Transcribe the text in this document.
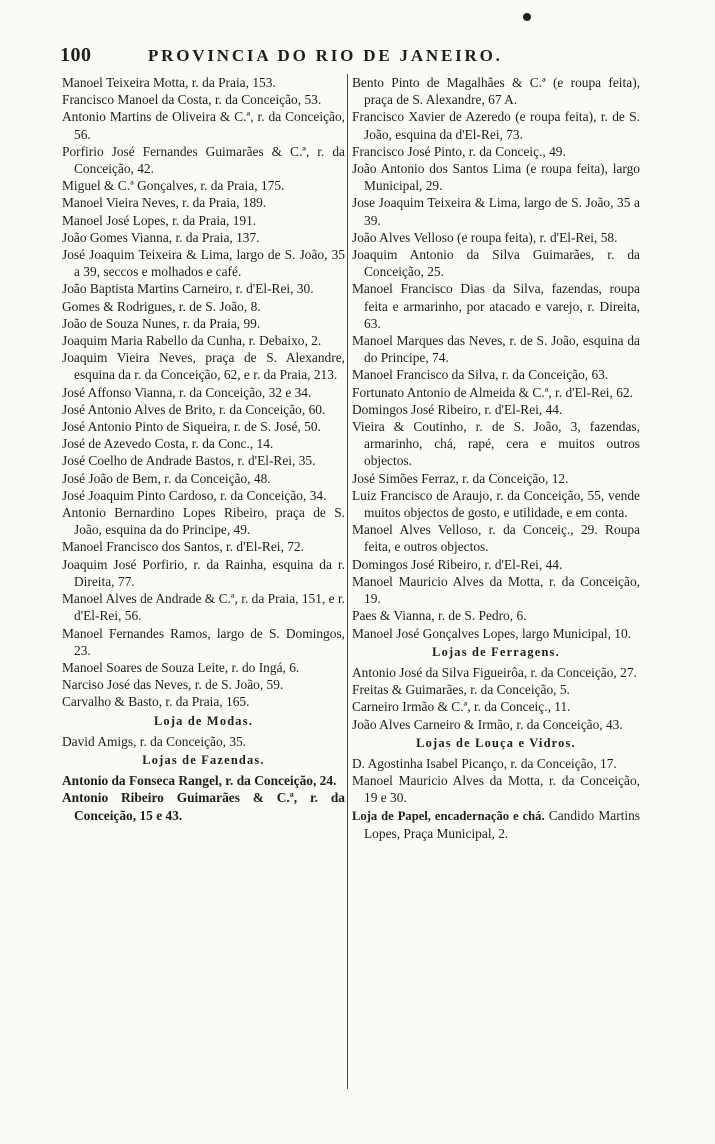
100	PROVINCIA DO RIO DE JANEIRO.
Manoel Teixeira Motta, r. da Praia, 153.
Francisco Manoel da Costa, r. da Conceição, 53.
Antonio Martins de Oliveira & C.ª, r. da Conceição, 56.
Porfirio José Fernandes Guimarães & C.ª, r. da Conceição, 42.
Miguel & C.ª Gonçalves, r. da Praia, 175.
Manoel Vieira Neves, r. da Praia, 189.
Manoel José Lopes, r. da Praia, 191.
João Gomes Vianna, r. da Praia, 137.
José Joaquim Teixeira & Lima, largo de S. João, 35 a 39, seccos e molhados e café.
João Baptista Martins Carneiro, r. d'El-Rei, 30.
Gomes & Rodrigues, r. de S. João, 8.
João de Souza Nunes, r. da Praia, 99.
Joaquim Maria Rabello da Cunha, r. Debaixo, 2.
Joaquim Vieira Neves, praça de S. Alexandre, esquina da r. da Conceição, 62, e r. da Praia, 213.
José Affonso Vianna, r. da Conceição, 32 e 34.
José Antonio Alves de Brito, r. da Conceição, 60.
José Antonio Pinto de Siqueira, r. de S. José, 50.
José de Azevedo Costa, r. da Conc., 14.
José Coelho de Andrade Bastos, r. d'El-Rei, 35.
José João de Bem, r. da Conceição, 48.
José Joaquim Pinto Cardoso, r. da Conceição, 34.
Antonio Bernardino Lopes Ribeiro, praça de S. João, esquina da do Principe, 49.
Manoel Francisco dos Santos, r. d'El-Rei, 72.
Joaquim José Porfirio, r. da Rainha, esquina da r. Direita, 77.
Manoel Alves de Andrade & C.ª, r. da Praia, 151, e r. d'El-Rei, 56.
Manoel Fernandes Ramos, largo de S. Domingos, 23.
Manoel Soares de Souza Leite, r. do Ingá, 6.
Narciso José das Neves, r. de S. João, 59.
Carvalho & Basto, r. da Praia, 165.
Loja de Modas.
David Amigs, r. da Conceição, 35.
Lojas de Fazendas.
Antonio da Fonseca Rangel, r. da Conceição, 24.
Antonio Ribeiro Guimarães & C.ª, r. da Conceição, 15 e 43.
Bento Pinto de Magalhães & C.ª (e roupa feita), praça de S. Alexandre, 67 A.
Francisco Xavier de Azeredo (e roupa feita), r. de S. João, esquina da d'El-Rei, 73.
Francisco José Pinto, r. da Conceiç., 49.
João Antonio dos Santos Lima (e roupa feita), largo Municipal, 29.
Jose Joaquim Teixeira & Lima, largo de S. João, 35 a 39.
João Alves Velloso (e roupa feita), r. d'El-Rei, 58.
Joaquim Antonio da Silva Guimarães, r. da Conceição, 25.
Manoel Francisco Dias da Silva, fazendas, roupa feita e armarinho, por atacado e varejo, r. Direita, 63.
Manoel Marques das Neves, r. de S. João, esquina da do Principe, 74.
Manoel Francisco da Silva, r. da Conceição, 63.
Fortunato Antonio de Almeida & C.ª, r. d'El-Rei, 62.
Domingos José Ribeiro, r. d'El-Rei, 44.
Vieira & Coutinho, r. de S. João, 3, fazendas, armarinho, chá, rapé, cera e muitos outros objectos.
José Simões Ferraz, r. da Conceição, 12.
Luiz Francisco de Araujo, r. da Conceição, 55, vende muitos objectos de gosto, e utilidade, e em conta.
Manoel Alves Velloso, r. da Conceiç., 29. Roupa feita, e outros objectos.
Domingos José Ribeiro, r. d'El-Rei, 44.
Manoel Mauricio Alves da Motta, r. da Conceição, 19.
Paes & Vianna, r. de S. Pedro, 6.
Manoel José Gonçalves Lopes, largo Municipal, 10.
Lojas de Ferragens.
Antonio José da Silva Figueirôa, r. da Conceição, 27.
Freitas & Guimarães, r. da Conceição, 5.
Carneiro Irmão & C.ª, r. da Conceiç., 11.
João Alves Carneiro & Irmão, r. da Conceição, 43.
Lojas de Louça e Vidros.
D. Agostinha Isabel Picanço, r. da Conceição, 17.
Manoel Mauricio Alves da Motta, r. da Conceição, 19 e 30.
Loja de Papel, encadernação e chá. Candido Martins Lopes, Praça Municipal, 2.
